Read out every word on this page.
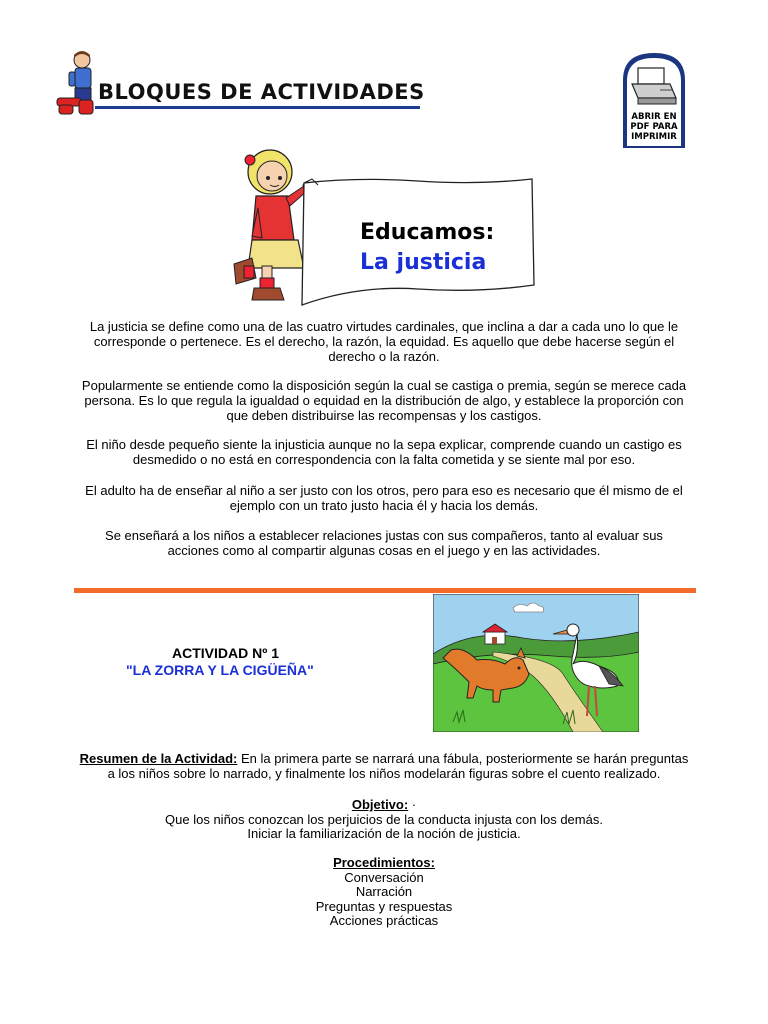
BLOQUES DE ACTIVIDADES
ABRIR EN
PDF PARA
IMPRIMIR
Educamos:
La justicia

La justicia se define como una de las cuatro virtudes cardinales, que inclina a dar a cada uno lo que le corresponde o pertenece. Es el derecho, la razón, la equidad. Es aquello que debe hacerse según el derecho o la razón.

Popularmente se entiende como la disposición según la cual se castiga o premia, según se merece cada persona. Es lo que regula la igualdad o equidad en la distribución de algo, y establece la proporción con que deben distribuirse las recompensas y los castigos.

El niño desde pequeño siente la injusticia aunque no la sepa explicar, comprende cuando un castigo es desmedido o no está en correspondencia con la falta cometida y se siente mal por eso.

El adulto ha de enseñar al niño a ser justo con los otros, pero para eso es necesario que él mismo de el ejemplo con un trato justo hacia él y hacia los demás.

Se enseñará a los niños a establecer relaciones justas con sus compañeros, tanto al evaluar sus acciones como al compartir algunas cosas en el juego y en las actividades.

ACTIVIDAD Nº 1
"LA ZORRA Y LA CIGÜEÑA"

Resumen de la Actividad: En la primera parte se narrará una fábula, posteriormente se harán preguntas a los niños sobre lo narrado, y finalmente los niños modelarán figuras sobre el cuento realizado.

Objetivo: ·
Que los niños conozcan los perjuicios de la conducta injusta con los demás.
Iniciar la familiarización de la noción de justicia.
Procedimientos:
Conversación
Narración
Preguntas y respuestas
Acciones prácticas
